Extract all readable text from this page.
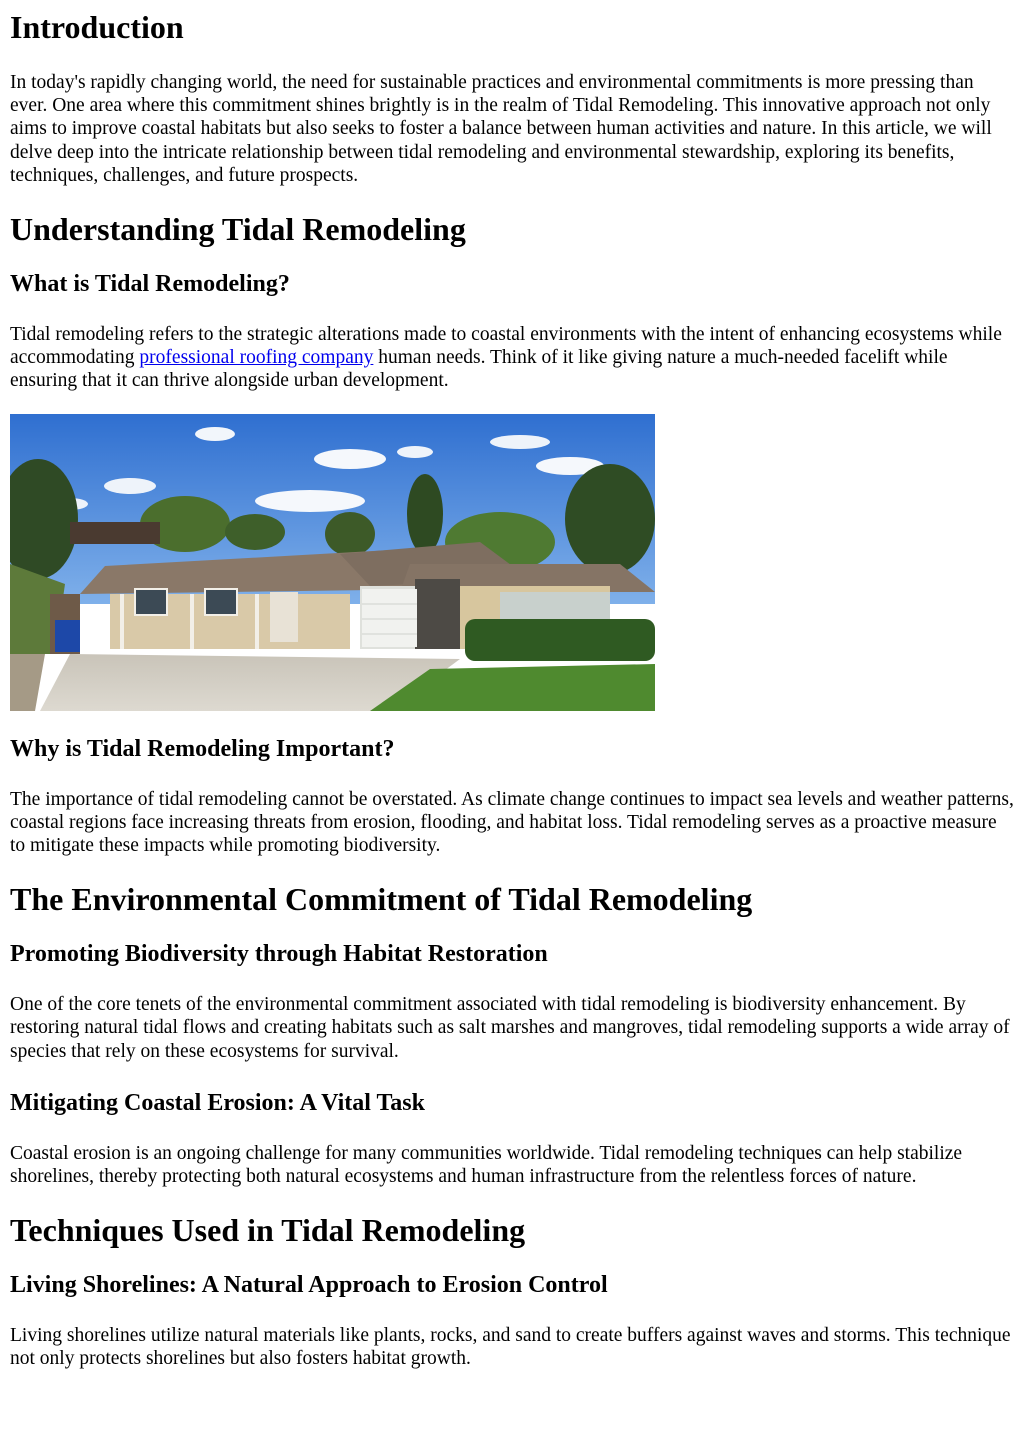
Introduction

In today's rapidly changing world, the need for sustainable practices and environmental commitments is more pressing than ever. One area where this commitment shines brightly is in the realm of Tidal Remodeling. This innovative approach not only aims to improve coastal habitats but also seeks to foster a balance between human activities and nature. In this article, we will delve deep into the intricate relationship between tidal remodeling and environmental stewardship, exploring its benefits, techniques, challenges, and future prospects.

Understanding Tidal Remodeling
What is Tidal Remodeling?

Tidal remodeling refers to the strategic alterations made to coastal environments with the intent of enhancing ecosystems while accommodating professional roofing company human needs. Think of it like giving nature a much-needed facelift while ensuring that it can thrive alongside urban development.

Why is Tidal Remodeling Important?

The importance of tidal remodeling cannot be overstated. As climate change continues to impact sea levels and weather patterns, coastal regions face increasing threats from erosion, flooding, and habitat loss. Tidal remodeling serves as a proactive measure to mitigate these impacts while promoting biodiversity.

The Environmental Commitment of Tidal Remodeling
Promoting Biodiversity through Habitat Restoration

One of the core tenets of the environmental commitment associated with tidal remodeling is biodiversity enhancement. By restoring natural tidal flows and creating habitats such as salt marshes and mangroves, tidal remodeling supports a wide array of species that rely on these ecosystems for survival.

Mitigating Coastal Erosion: A Vital Task

Coastal erosion is an ongoing challenge for many communities worldwide. Tidal remodeling techniques can help stabilize shorelines, thereby protecting both natural ecosystems and human infrastructure from the relentless forces of nature.

Techniques Used in Tidal Remodeling
Living Shorelines: A Natural Approach to Erosion Control

Living shorelines utilize natural materials like plants, rocks, and sand to create buffers against waves and storms. This technique not only protects shorelines but also fosters habitat growth.
